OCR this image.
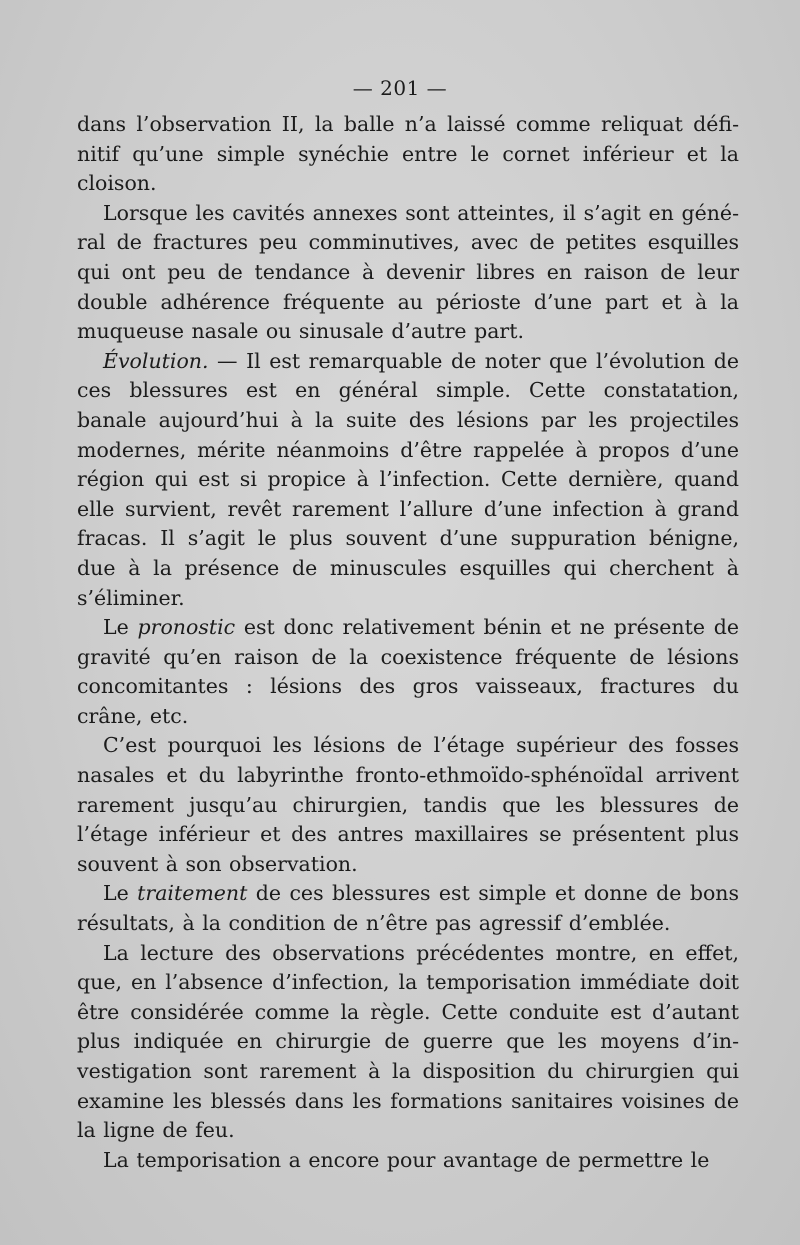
— 201 —

dans l’observation II, la balle n’a laissé comme reliquat définitif qu’une simple synéchie entre le cornet inférieur et la cloison.

Lorsque les cavités annexes sont atteintes, il s’agit en général de fractures peu comminutives, avec de petites esquilles qui ont peu de tendance à devenir libres en raison de leur double adhérence fréquente au périoste d’une part et à la muqueuse nasale ou sinusale d’autre part.

Évolution. — Il est remarquable de noter que l’évolution de ces blessures est en général simple. Cette constatation, banale aujourd’hui à la suite des lésions par les projectiles modernes, mérite néanmoins d’être rappelée à propos d’une région qui est si propice à l’infection. Cette dernière, quand elle survient, revêt rarement l’allure d’une infection à grand fracas. Il s’agit le plus souvent d’une suppuration bénigne, due à la présence de minuscules esquilles qui cherchent à s’éliminer.

Le pronostic est donc relativement bénin et ne présente de gravité qu’en raison de la coexistence fréquente de lésions concomitantes : lésions des gros vaisseaux, fractures du crâne, etc.

C’est pourquoi les lésions de l’étage supérieur des fosses nasales et du labyrinthe fronto-ethmoïdo-sphénoïdal arrivent rarement jusqu’au chirurgien, tandis que les blessures de l’étage inférieur et des antres maxillaires se présentent plus souvent à son observation.

Le traitement de ces blessures est simple et donne de bons résultats, à la condition de n’être pas agressif d’emblée.

La lecture des observations précédentes montre, en effet, que, en l’absence d’infection, la temporisation immédiate doit être considérée comme la règle. Cette conduite est d’autant plus indiquée en chirurgie de guerre que les moyens d’investigation sont rarement à la disposition du chirurgien qui examine les blessés dans les formations sanitaires voisines de la ligne de feu.

La temporisation a encore pour avantage de permettre le
